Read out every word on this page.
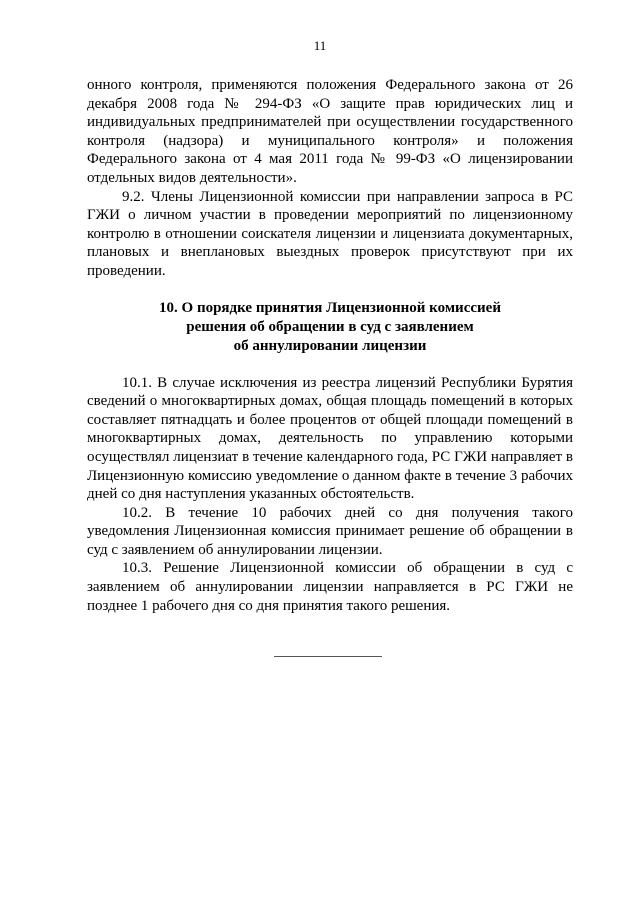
11

онного контроля, применяются положения Федерального закона от 26 декабря 2008 года № 294-ФЗ «О защите прав юридических лиц и индивидуальных предпринимателей при осуществлении государственного контроля (надзора) и муниципального контроля» и положения Федерального закона от 4 мая 2011 года № 99-ФЗ «О лицензировании отдельных видов деятельности».

9.2. Члены Лицензионной комиссии при направлении запроса в РС ГЖИ о личном участии в проведении мероприятий по лицензионному контролю в отношении соискателя лицензии и лицензиата документарных, плановых и внеплановых выездных проверок присутствуют при их проведении.

10. О порядке принятия Лицензионной комиссией
решения об обращении в суд с заявлением
об аннулировании лицензии

10.1. В случае исключения из реестра лицензий Республики Бурятия сведений о многоквартирных домах, общая площадь помещений в которых составляет пятнадцать и более процентов от общей площади помещений в многоквартирных домах, деятельность по управлению которыми осуществлял лицензиат в течение календарного года, РС ГЖИ направляет в Лицензионную комиссию уведомление о данном факте в течение 3 рабочих дней со дня наступления указанных обстоятельств.

10.2. В течение 10 рабочих дней со дня получения такого уведомления Лицензионная комиссия принимает решение об обращении в суд с заявлением об аннулировании лицензии.

10.3. Решение Лицензионной комиссии об обращении в суд с заявлением об аннулировании лицензии направляется в РС ГЖИ не позднее 1 рабочего дня со дня принятия такого решения.
